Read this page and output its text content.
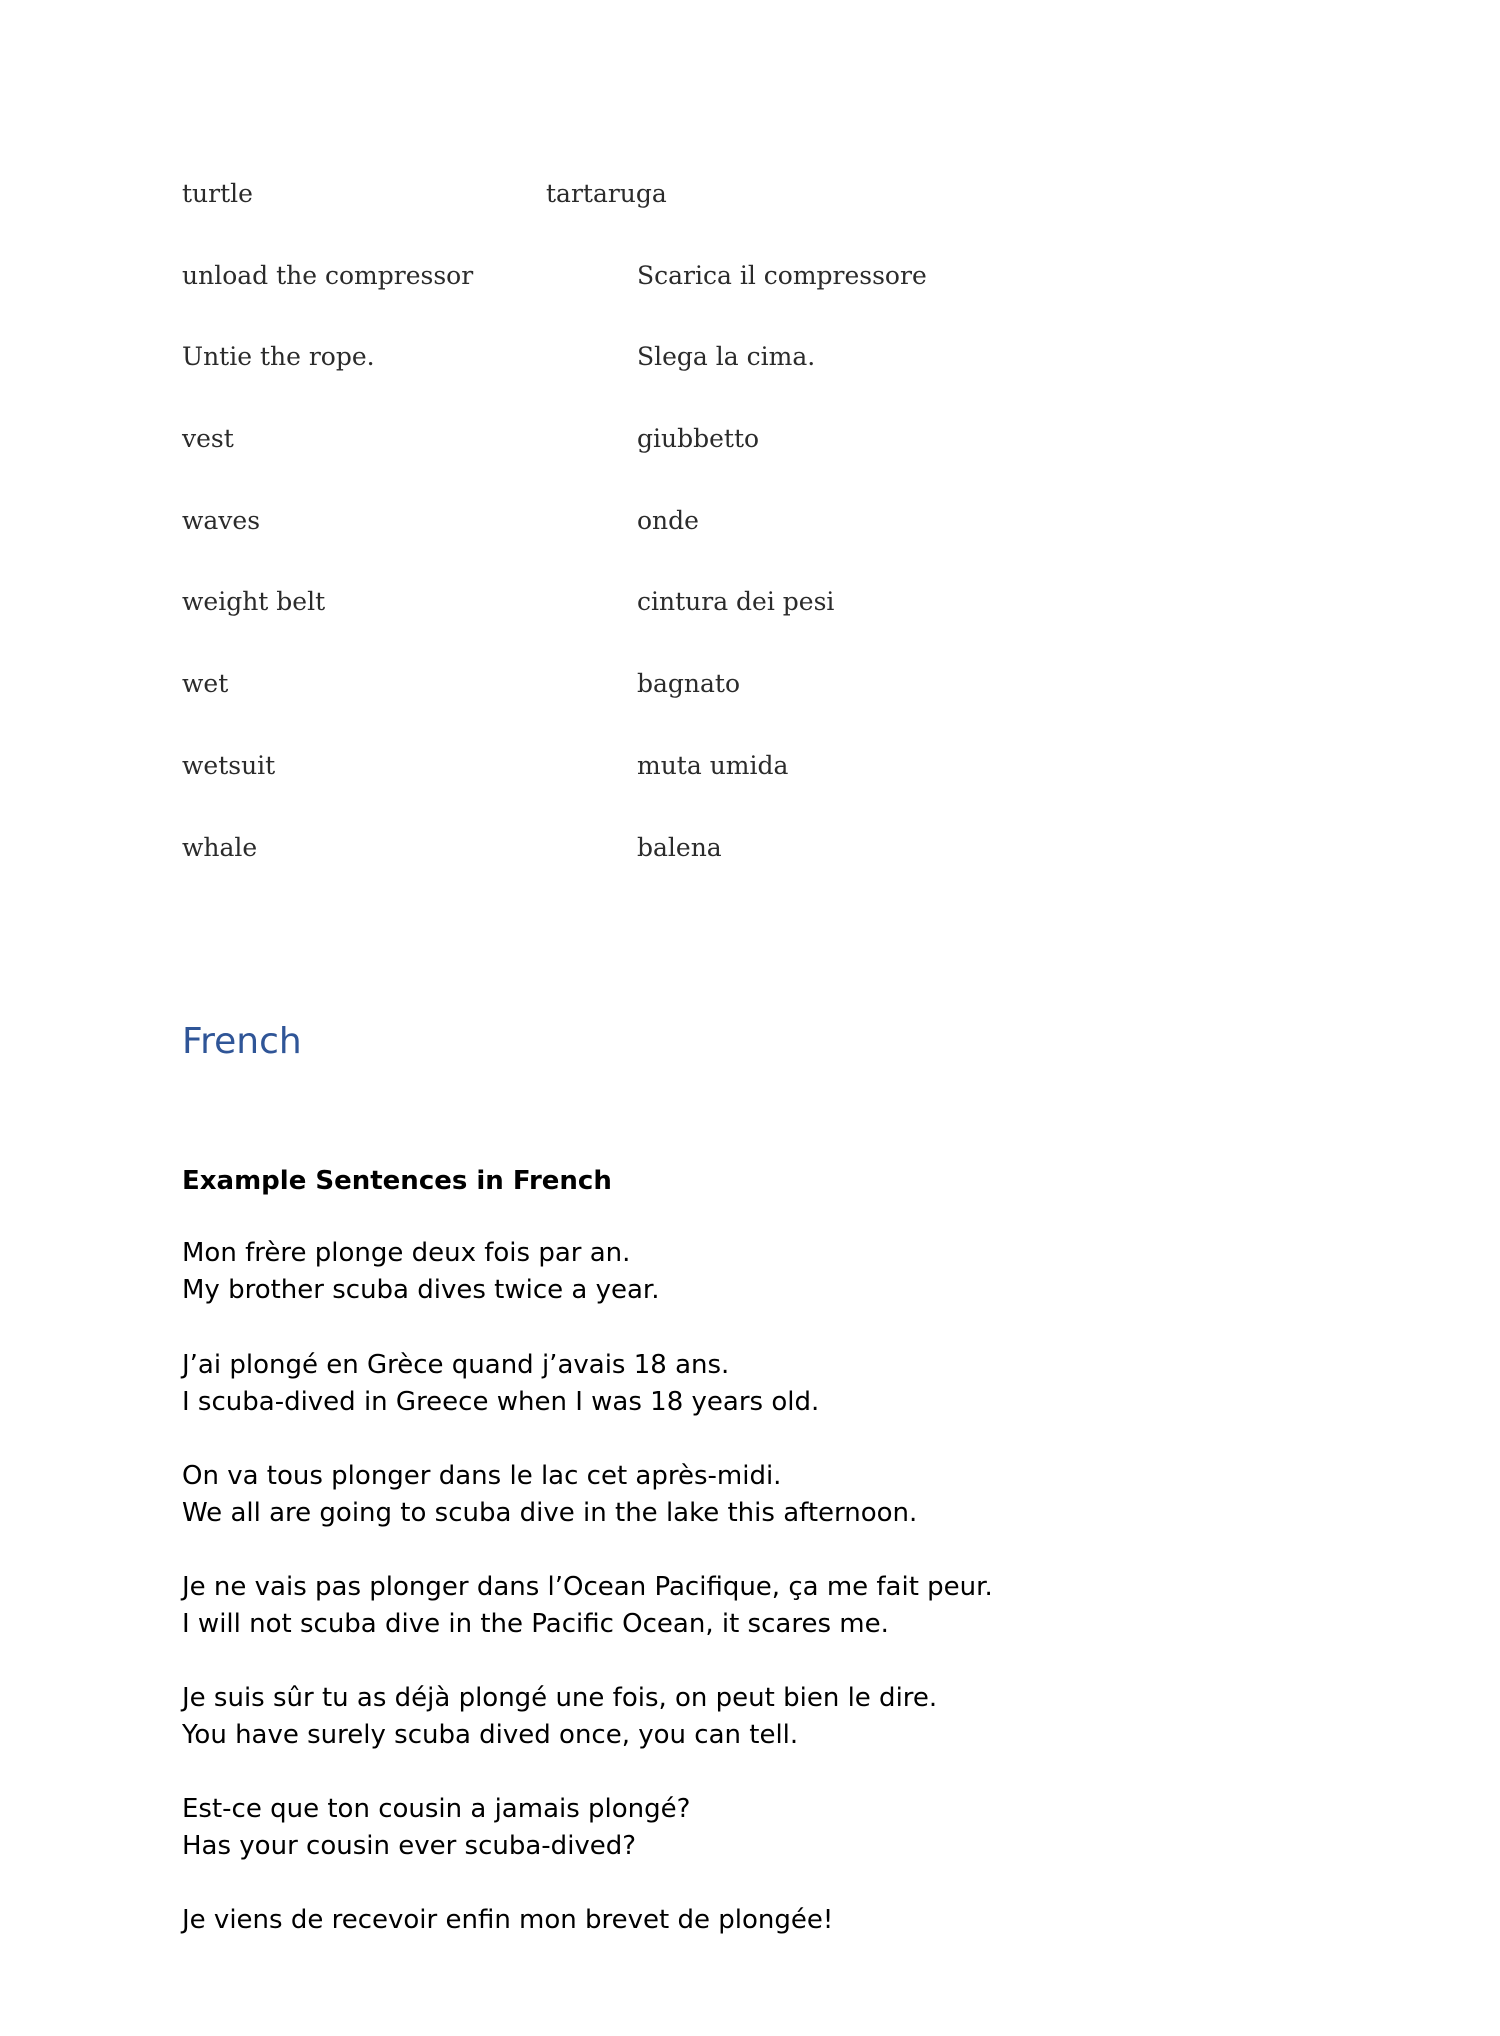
turtle	tartaruga
unload the compressor	Scarica il compressore
Untie the rope.	Slega la cima.
vest	giubbetto
waves	onde
weight belt	cintura dei pesi
wet	bagnato
wetsuit	muta umida
whale	balena
French
Example Sentences in French
Mon frère plonge deux fois par an.
My brother scuba dives twice a year.
J’ai plongé en Grèce quand j’avais 18 ans.
I scuba-dived in Greece when I was 18 years old.
On va tous plonger dans le lac cet après-midi.
We all are going to scuba dive in the lake this afternoon.
Je ne vais pas plonger dans l’Ocean Pacifique, ça me fait peur.
I will not scuba dive in the Pacific Ocean, it scares me.
Je suis sûr tu as déjà plongé une fois, on peut bien le dire.
You have surely scuba dived once, you can tell.
Est-ce que ton cousin a jamais plongé?
Has your cousin ever scuba-dived?
Je viens de recevoir enfin mon brevet de plongée!
